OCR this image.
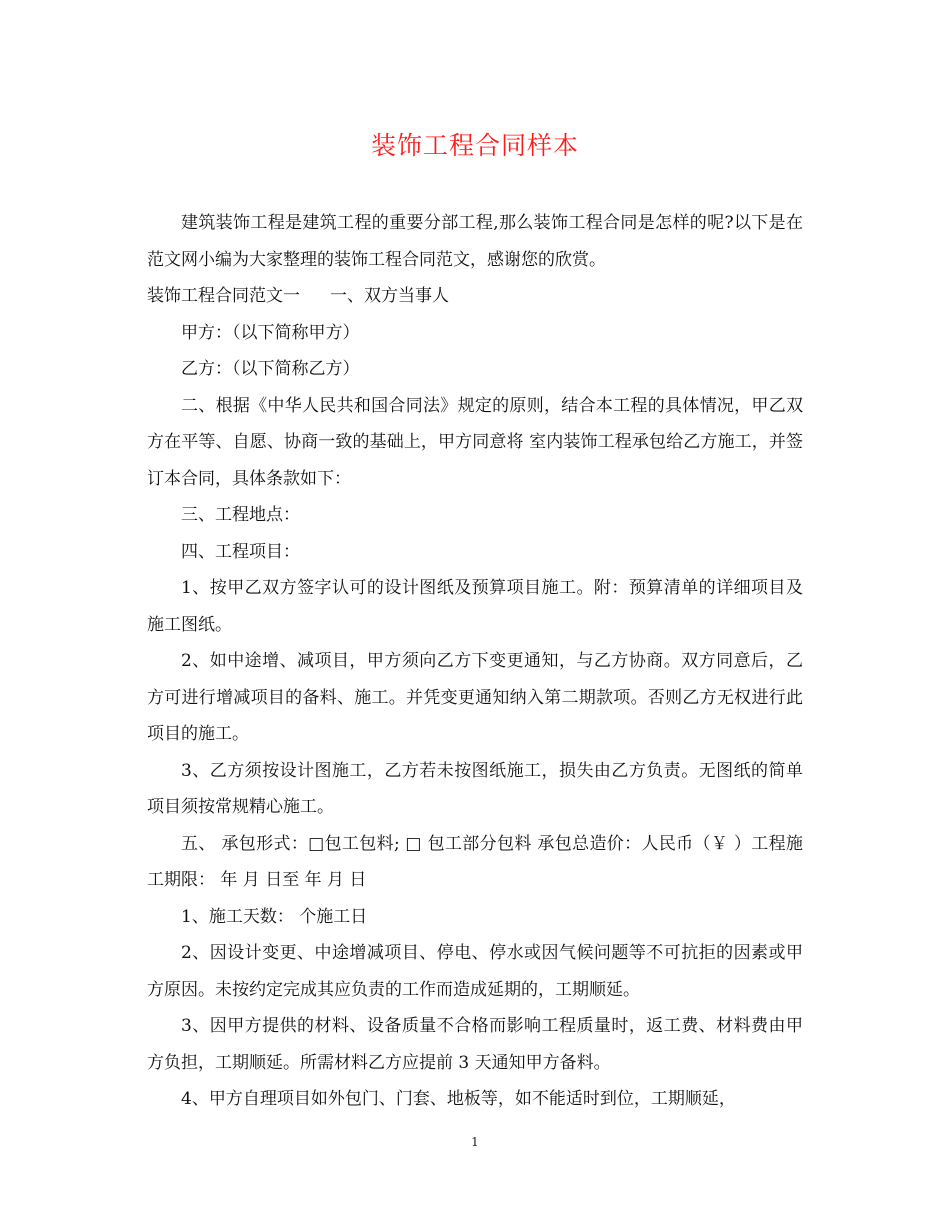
装饰工程合同样本

建筑装饰工程是建筑工程的重要分部工程,那么装饰工程合同是怎样的呢?以下是在范文网小编为大家整理的装饰工程合同范文，感谢您的欣赏。

装饰工程合同范文一 一、双方当事人

甲方：（以下简称甲方）

乙方：（以下简称乙方）

二、根据《中华人民共和国合同法》规定的原则，结合本工程的具体情况，甲乙双方在平等、自愿、协商一致的基础上，甲方同意将 室内装饰工程承包给乙方施工，并签订本合同，具体条款如下：

三、工程地点：

四、工程项目：

1、按甲乙双方签字认可的设计图纸及预算项目施工。附：预算清单的详细项目及施工图纸。

2、如中途增、减项目，甲方须向乙方下变更通知，与乙方协商。双方同意后，乙方可进行增减项目的备料、施工。并凭变更通知纳入第二期款项。否则乙方无权进行此项目的施工。

3、乙方须按设计图施工，乙方若未按图纸施工，损失由乙方负责。无图纸的简单项目须按常规精心施工。

五、 承包形式：□包工包料; □ 包工部分包料 承包总造价：人民币（￥ ）工程施工期限： 年 月 日至 年 月 日

1、施工天数： 个施工日

2、因设计变更、中途增减项目、停电、停水或因气候问题等不可抗拒的因素或甲方原因。未按约定完成其应负责的工作而造成延期的，工期顺延。

3、因甲方提供的材料、设备质量不合格而影响工程质量时，返工费、材料费由甲方负担，工期顺延。所需材料乙方应提前 3 天通知甲方备料。

4、甲方自理项目如外包门、门套、地板等，如不能适时到位，工期顺延，

1
